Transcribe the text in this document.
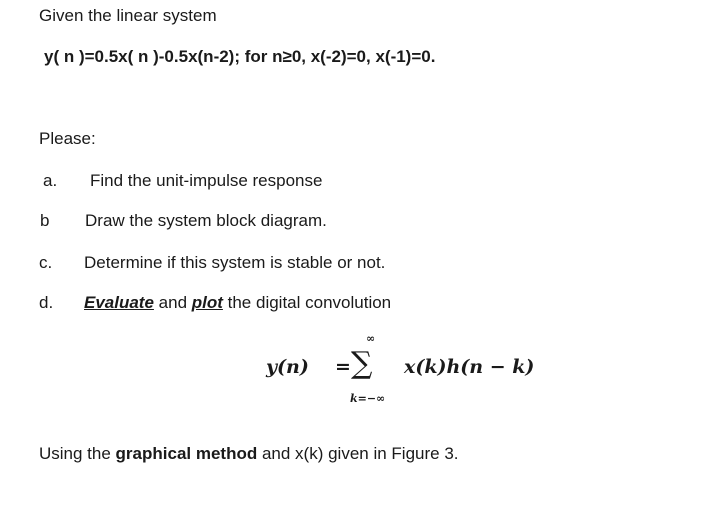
Given the linear system
y( n )=0.5x( n )-0.5x(n-2); for n≥0, x(-2)=0, x(-1)=0.
Please:
a. Find the unit-impulse response
b Draw the system block diagram.
c. Determine if this system is stable or not.
d. Evaluate and plot the digital convolution
y(n) =
∞
∑
k=−∞
x(k)h(n − k)
Using the graphical method and x(k) given in Figure 3.
